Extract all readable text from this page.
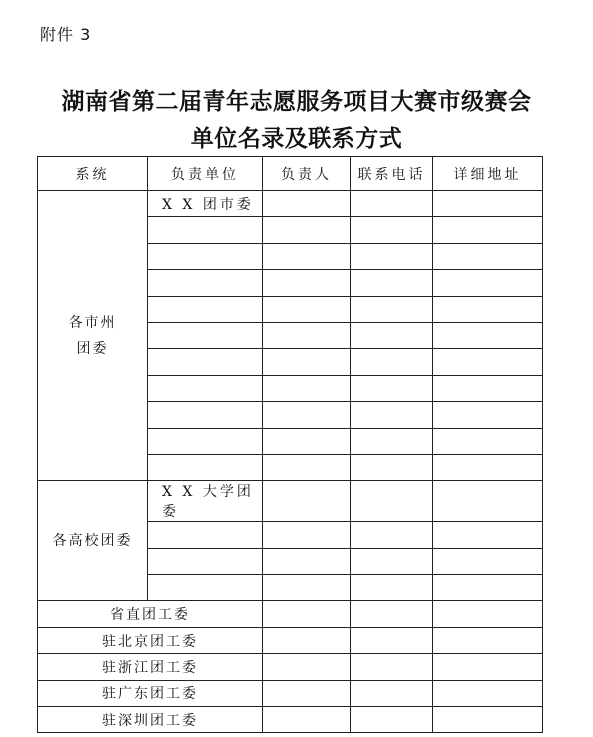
附件 3
湖南省第二届青年志愿服务项目大赛市级赛会
单位名录及联系方式
系统	负责单位	负责人	联系电话	详细地址

各市州
团委	X X 团市委			

各高校团委	X X 大学团委			

省直团工委				
驻北京团工委				
驻浙江团工委				
驻广东团工委				
驻深圳团工委				
